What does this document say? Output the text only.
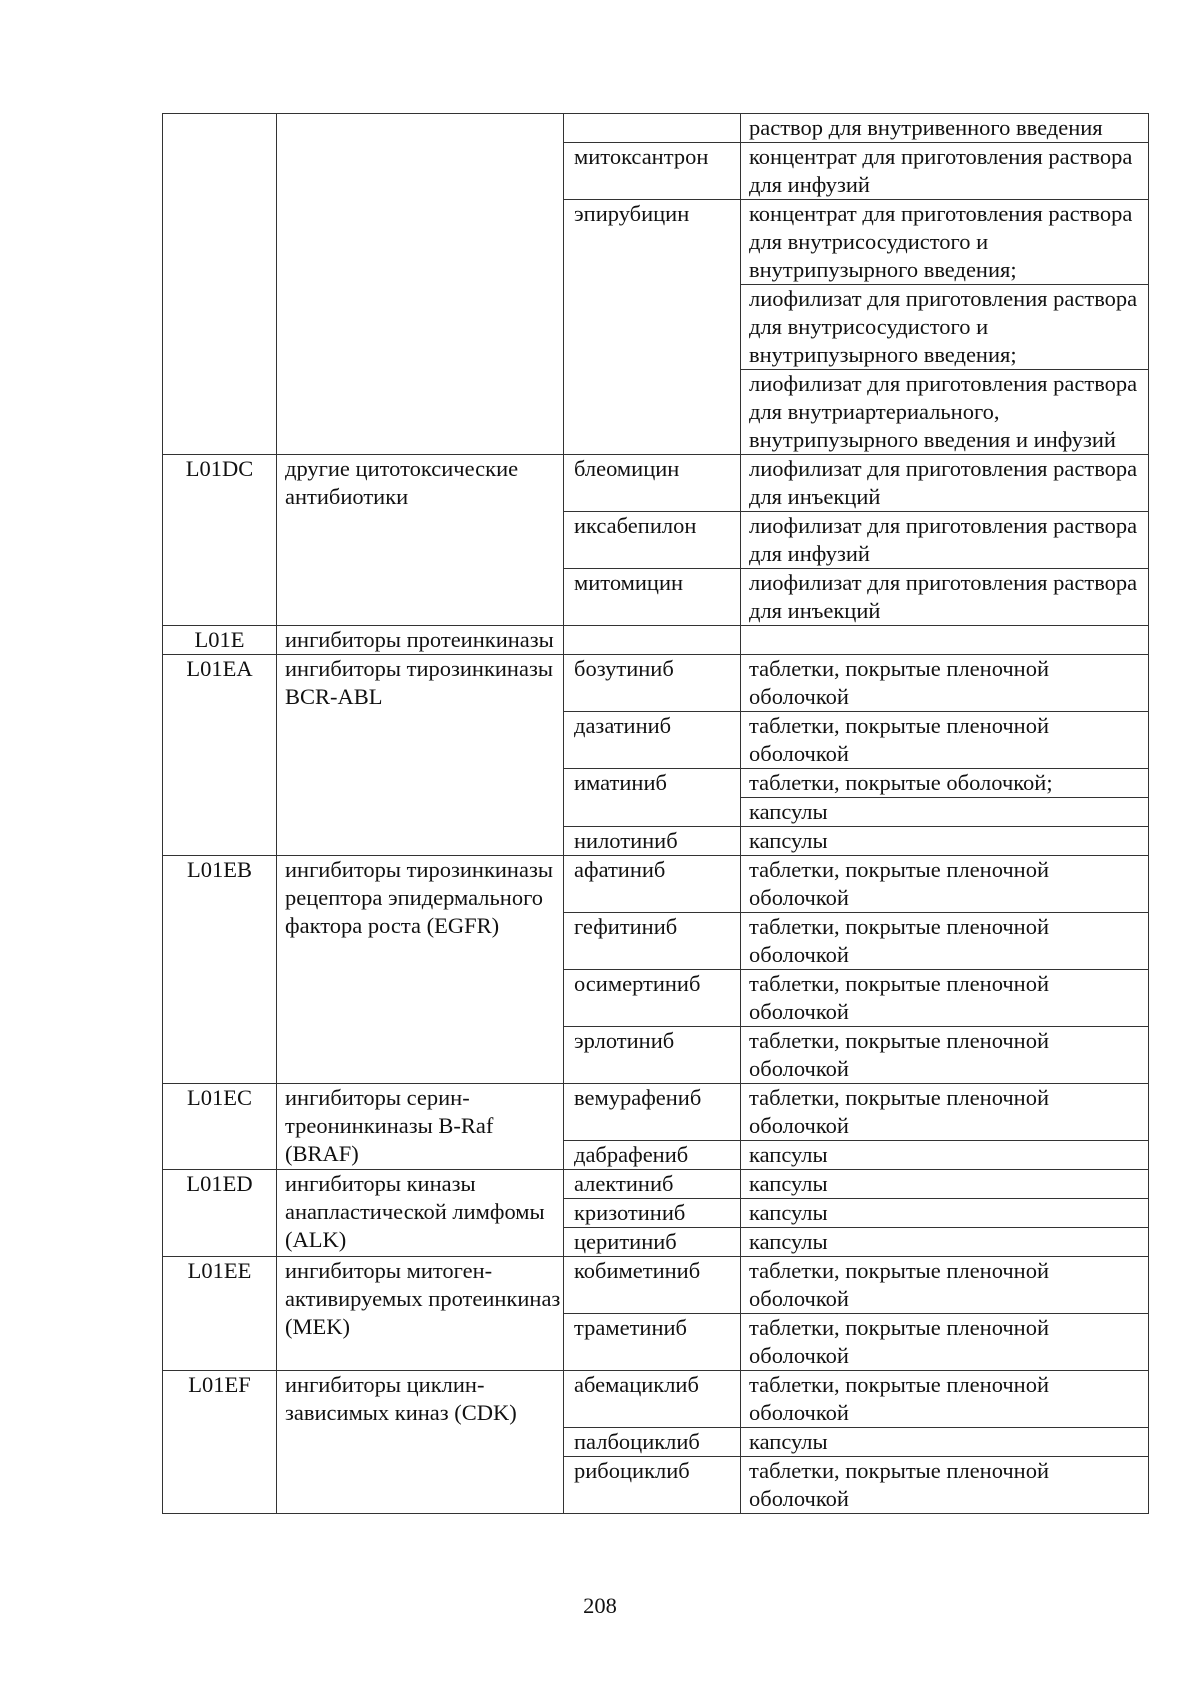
			раствор для внутривенного введения
		митоксантрон	концентрат для приготовления раствора для инфузий
		эпирубицин	концентрат для приготовления раствора для внутрисосудистого и внутрипузырного введения;
			лиофилизат для приготовления раствора для внутрисосудистого и внутрипузырного введения;
			лиофилизат для приготовления раствора для внутриартериального, внутрипузырного введения и инфузий
L01DC	другие цитотоксические антибиотики	блеомицин	лиофилизат для приготовления раствора для инъекций
		иксабепилон	лиофилизат для приготовления раствора для инфузий
		митомицин	лиофилизат для приготовления раствора для инъекций
L01E	ингибиторы протеинкиназы		
L01EA	ингибиторы тирозинкиназы BCR-ABL	бозутиниб	таблетки, покрытые пленочной оболочкой
		дазатиниб	таблетки, покрытые пленочной оболочкой
		иматиниб	таблетки, покрытые оболочкой;
			капсулы
		нилотиниб	капсулы
L01EB	ингибиторы тирозинкиназы рецептора эпидермального фактора роста (EGFR)	афатиниб	таблетки, покрытые пленочной оболочкой
		гефитиниб	таблетки, покрытые пленочной оболочкой
		осимертиниб	таблетки, покрытые пленочной оболочкой
		эрлотиниб	таблетки, покрытые пленочной оболочкой
L01EC	ингибиторы серин-треонинкиназы B-Raf (BRAF)	вемурафениб	таблетки, покрытые пленочной оболочкой
		дабрафениб	капсулы
L01ED	ингибиторы киназы анапластической лимфомы (ALK)	алектиниб	капсулы
		кризотиниб	капсулы
		церитиниб	капсулы
L01EE	ингибиторы митоген-активируемых протеинкиназ (MEK)	кобиметиниб	таблетки, покрытые пленочной оболочкой
		траметиниб	таблетки, покрытые пленочной оболочкой
L01EF	ингибиторы циклин-зависимых киназ (CDK)	абемациклиб	таблетки, покрытые пленочной оболочкой
		палбоциклиб	капсулы
		рибоциклиб	таблетки, покрытые пленочной оболочкой
208
